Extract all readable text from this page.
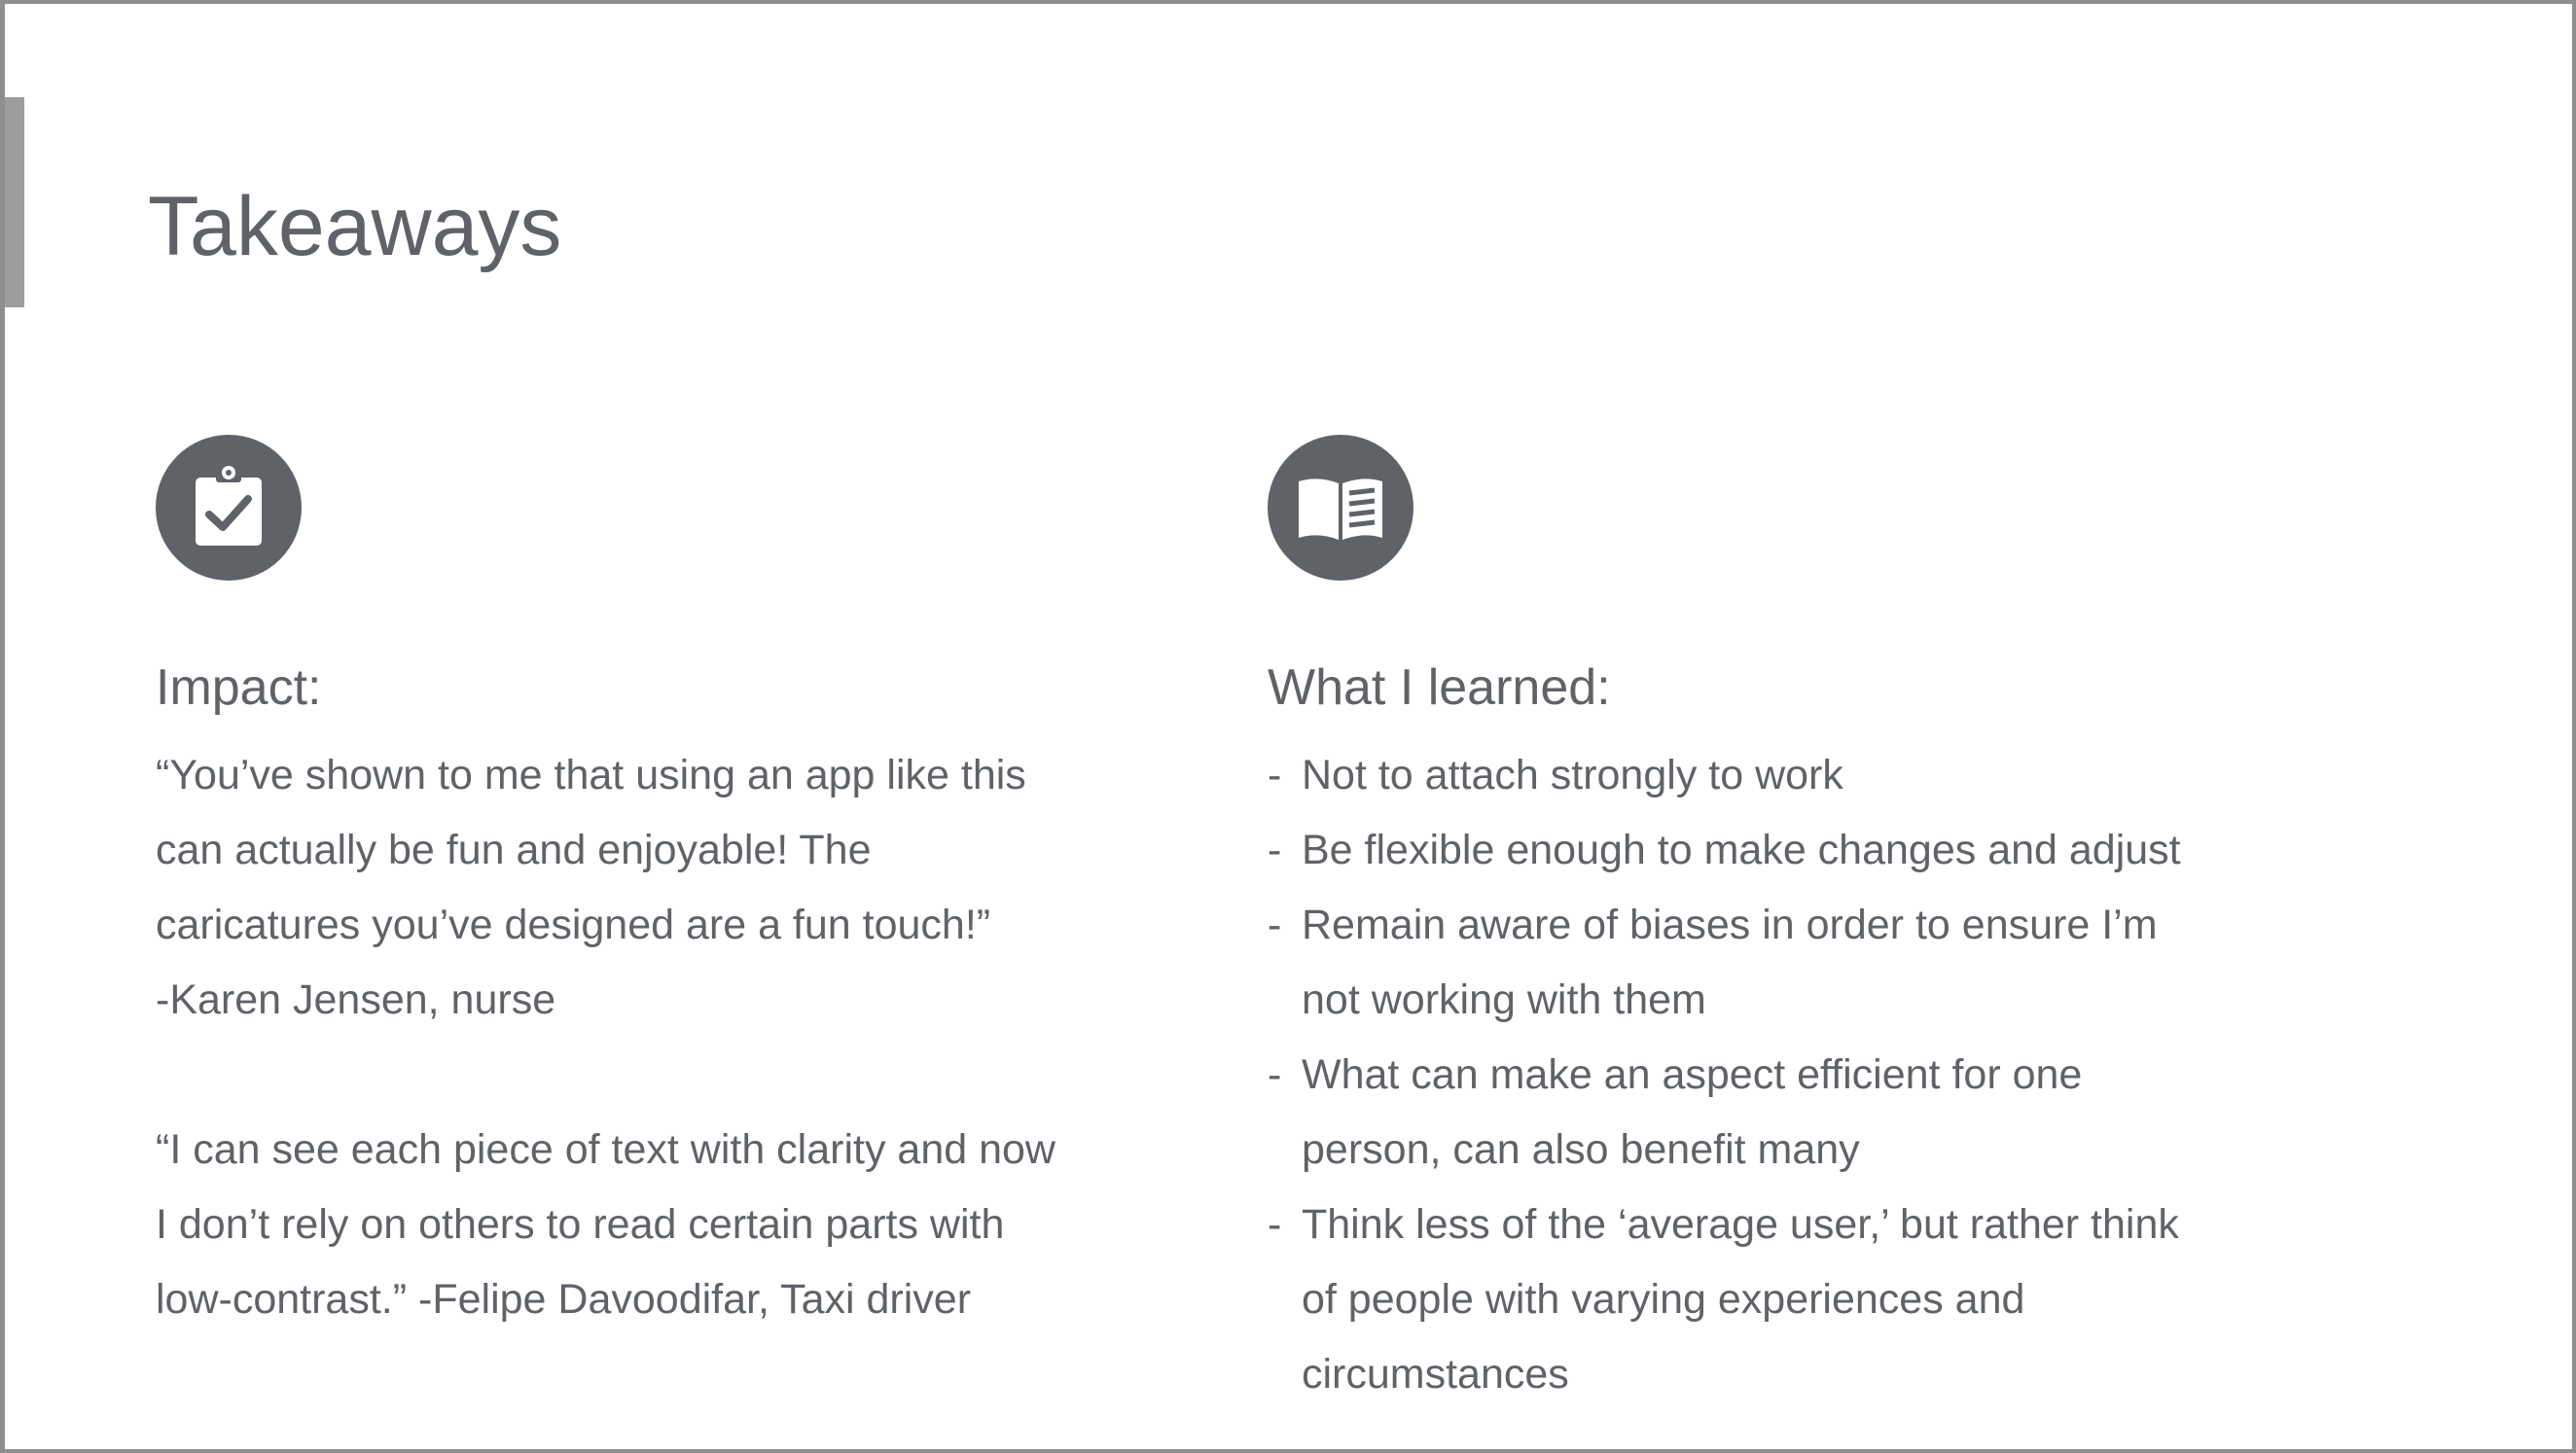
Takeaways
Impact:	What I learned:
“You’ve shown to me that using an app like this
can actually be fun and enjoyable! The
caricatures you’ve designed are a fun touch!”
-Karen Jensen, nurse
“I can see each piece of text with clarity and now
I don’t rely on others to read certain parts with
low-contrast.” -Felipe Davoodifar, Taxi driver
- Not to attach strongly to work
- Be flexible enough to make changes and adjust
- Remain aware of biases in order to ensure I’m
not working with them
- What can make an aspect efficient for one
person, can also benefit many
- Think less of the ‘average user,’ but rather think
of people with varying experiences and
circumstances
